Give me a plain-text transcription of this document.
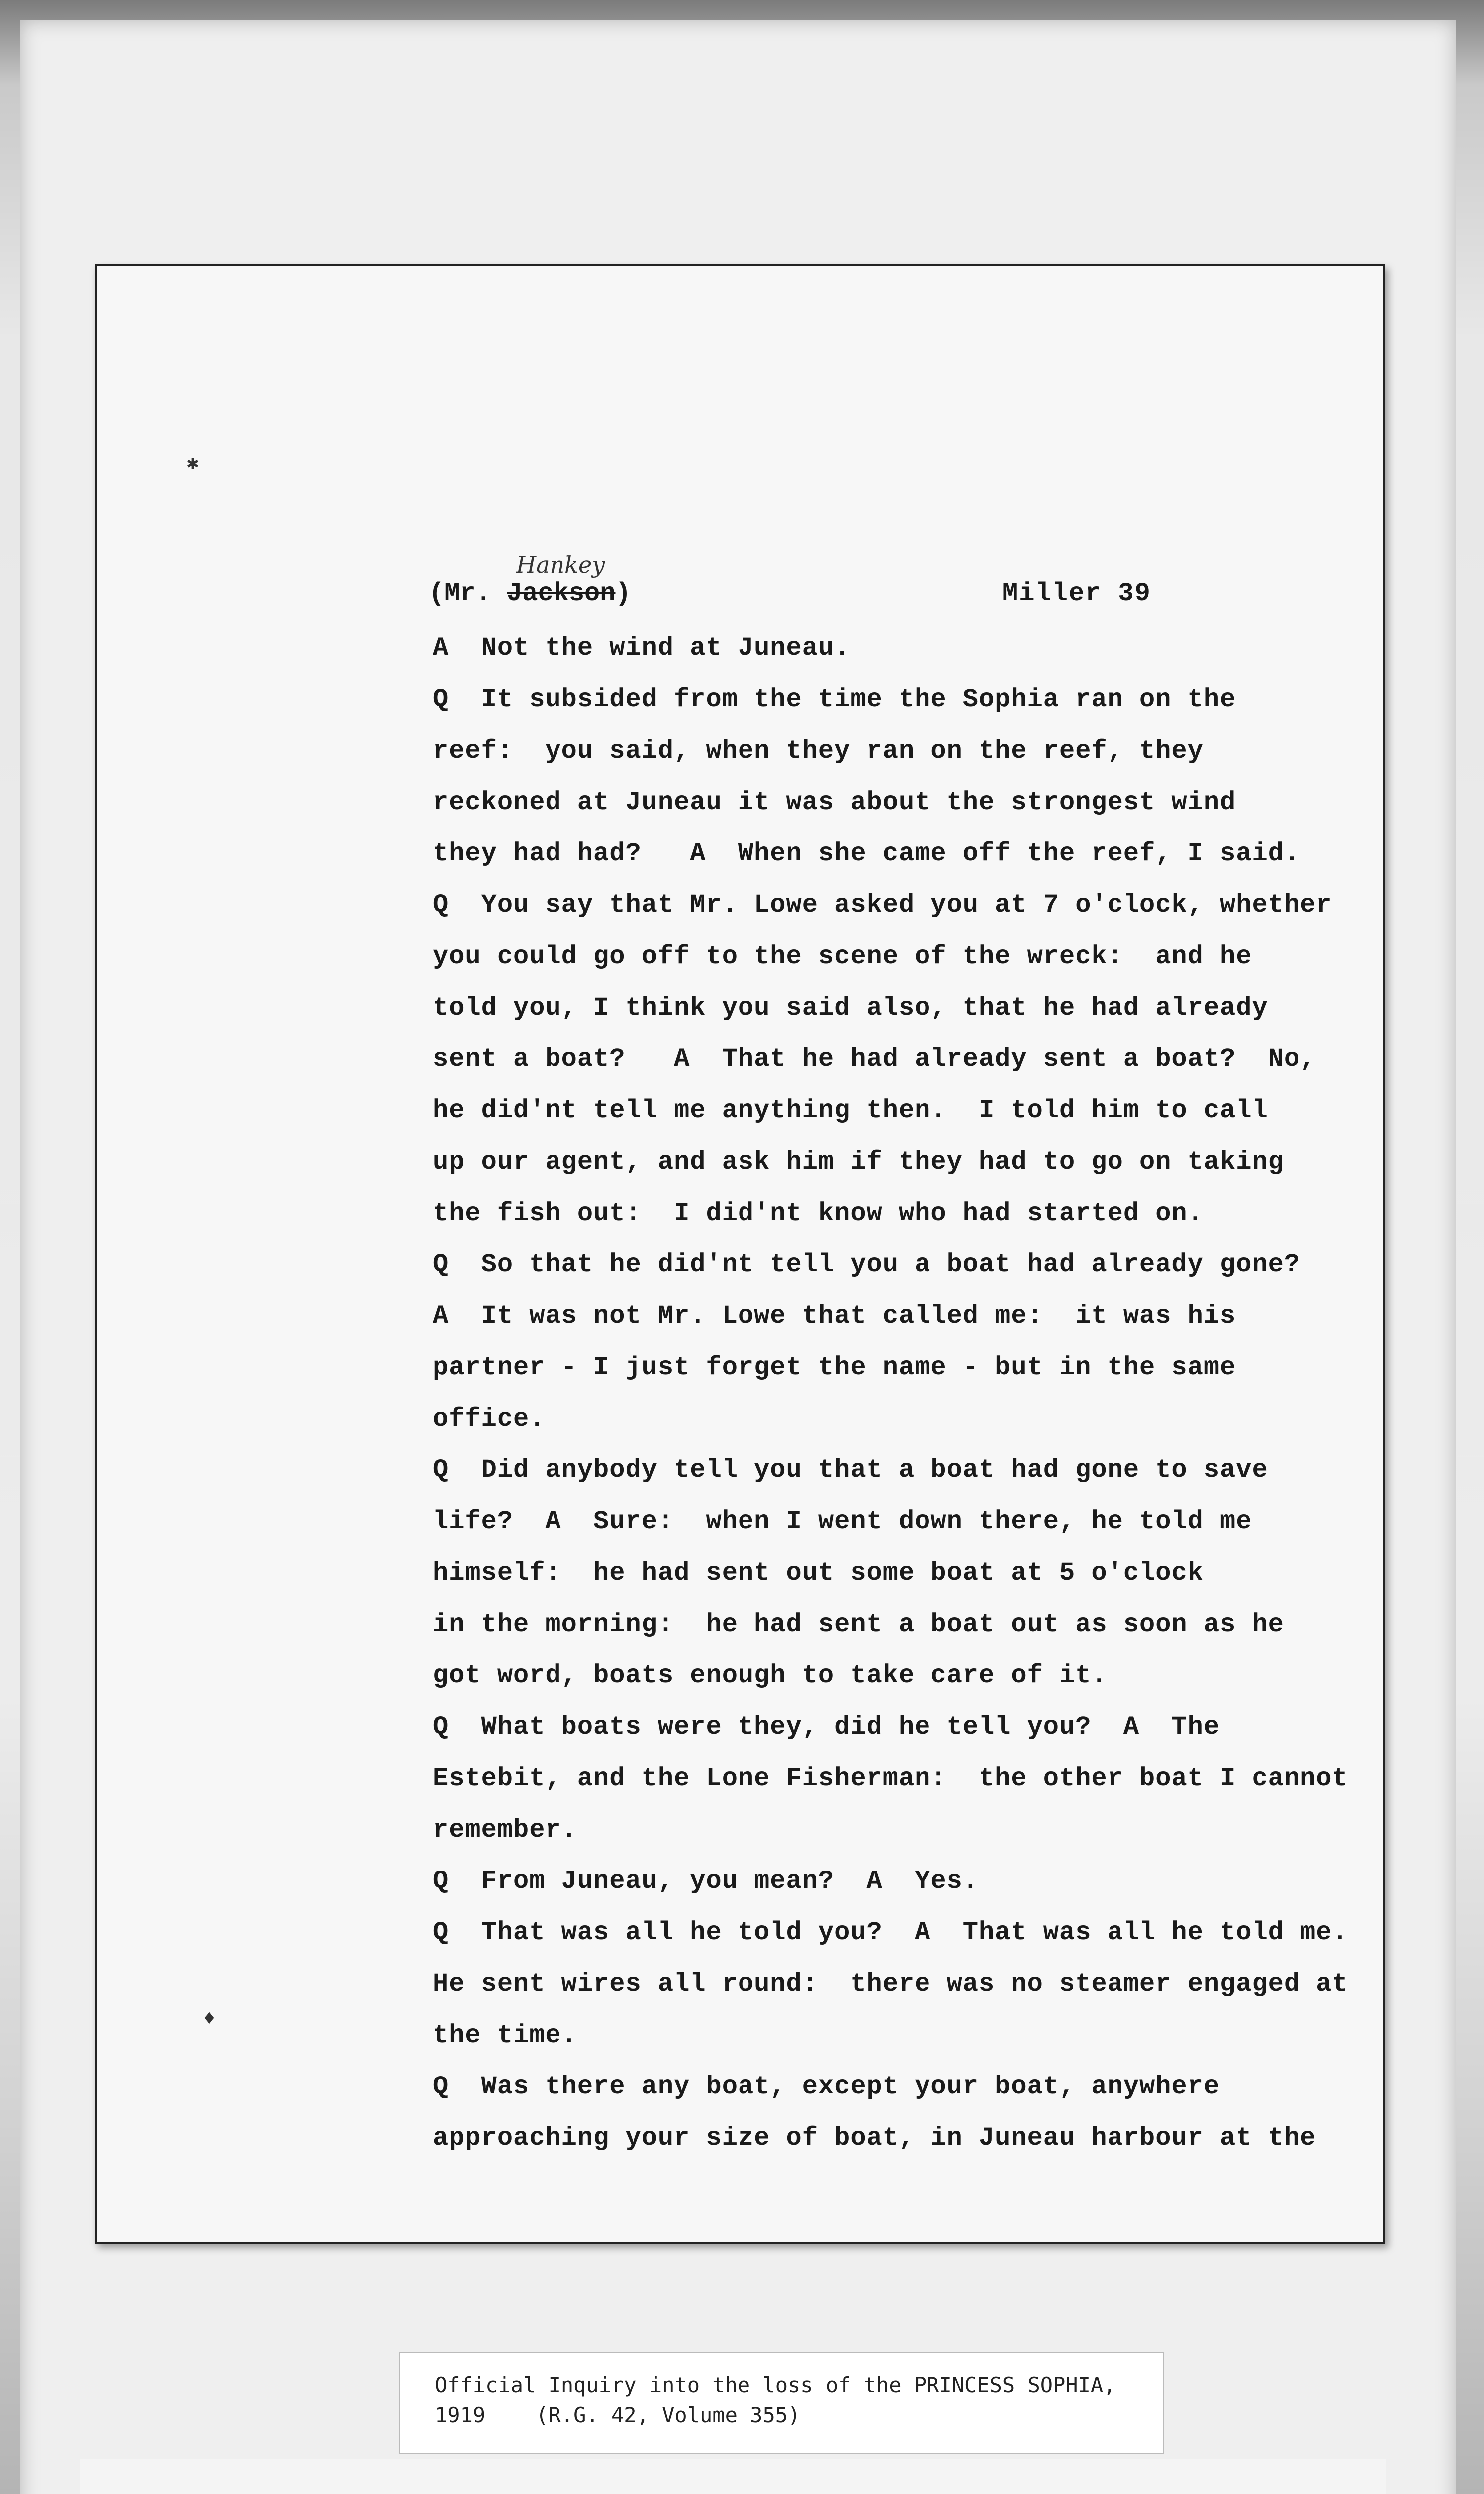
✱
♦
(Mr. Jackson)
Hankey
Miller 39
A  Not the wind at Juneau.
Q  It subsided from the time the Sophia ran on the
reef:  you said, when they ran on the reef, they
reckoned at Juneau it was about the strongest wind
they had had?   A  When she came off the reef, I said.
Q  You say that Mr. Lowe asked you at 7 o'clock, whether
you could go off to the scene of the wreck:  and he
told you, I think you said also, that he had already
sent a boat?   A  That he had already sent a boat?  No,
he did'nt tell me anything then.  I told him to call
up our agent, and ask him if they had to go on taking
the fish out:  I did'nt know who had started on.
Q  So that he did'nt tell you a boat had already gone?
A  It was not Mr. Lowe that called me:  it was his
partner - I just forget the name - but in the same
office.
Q  Did anybody tell you that a boat had gone to save
life?  A  Sure:  when I went down there, he told me
himself:  he had sent out some boat at 5 o'clock
in the morning:  he had sent a boat out as soon as he
got word, boats enough to take care of it.
Q  What boats were they, did he tell you?  A  The
Estebit, and the Lone Fisherman:  the other boat I cannot
remember.
Q  From Juneau, you mean?  A  Yes.
Q  That was all he told you?  A  That was all he told me.
He sent wires all round:  there was no steamer engaged at
the time.
Q  Was there any boat, except your boat, anywhere
approaching your size of boat, in Juneau harbour at the
Official Inquiry into the loss of the PRINCESS SOPHIA,
1919    (R.G. 42, Volume 355)
